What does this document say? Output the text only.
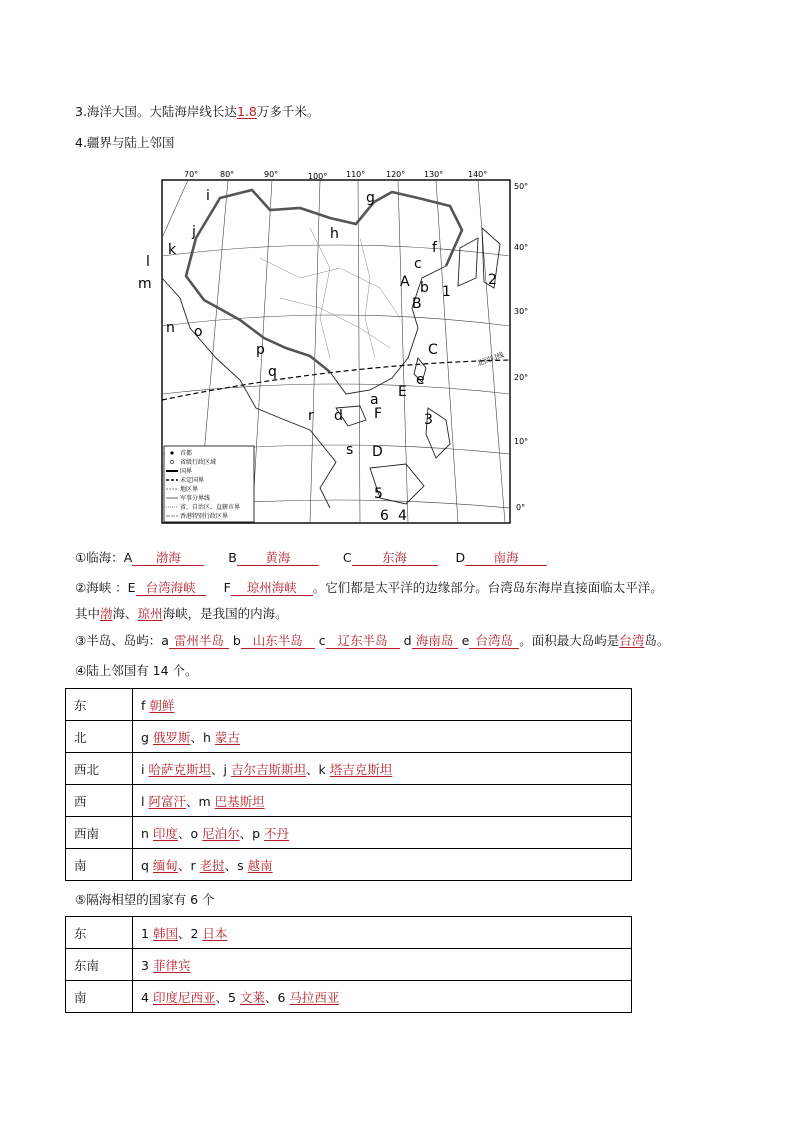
3.海洋大国。大陆海岸线长达1.8万多千米。
4.疆界与陆上邻国
70°	80°	90°	100° 110°	120° 130°	140°
50°
40°
30°
20°
10°
0°
北回归线
i
j
k
l
m
n o
p
q
r
s
d
a
g
h
A
B
C
D
E
F
b
c
e
f
1
2
3
5
6 4
首都
省级行政区域
国界
未定国界
地区界
军事分界线
省、自治区、直辖市界
香港特别行政区界
①临海：A 渤海	B 黄海	C 东海	D 南海
②海峡 ：E 台湾海峡 F 琼州海峡 。它们都是太平洋的边缘部分。台湾岛东海岸直接面临太平洋。
其中渤海、琼州海峡，是我国的内海。
③半岛、岛屿：a 雷州半岛 b 山东半岛 c 辽东半岛 d 海南岛 e 台湾岛 。面积最大岛屿是台湾岛。
④陆上邻国有 14 个。
东	f 朝鲜
北	g 俄罗斯、h 蒙古
西北	i 哈萨克斯坦、j 吉尔吉斯斯坦、k 塔吉克斯坦
西	l 阿富汗、m 巴基斯坦
西南	n 印度、o 尼泊尔、p 不丹
南	q 缅甸、r 老挝、s 越南
⑤隔海相望的国家有 6 个
东	1 韩国、2 日本
东南	3 菲律宾
南	4 印度尼西亚、5 文莱、6 马拉西亚
